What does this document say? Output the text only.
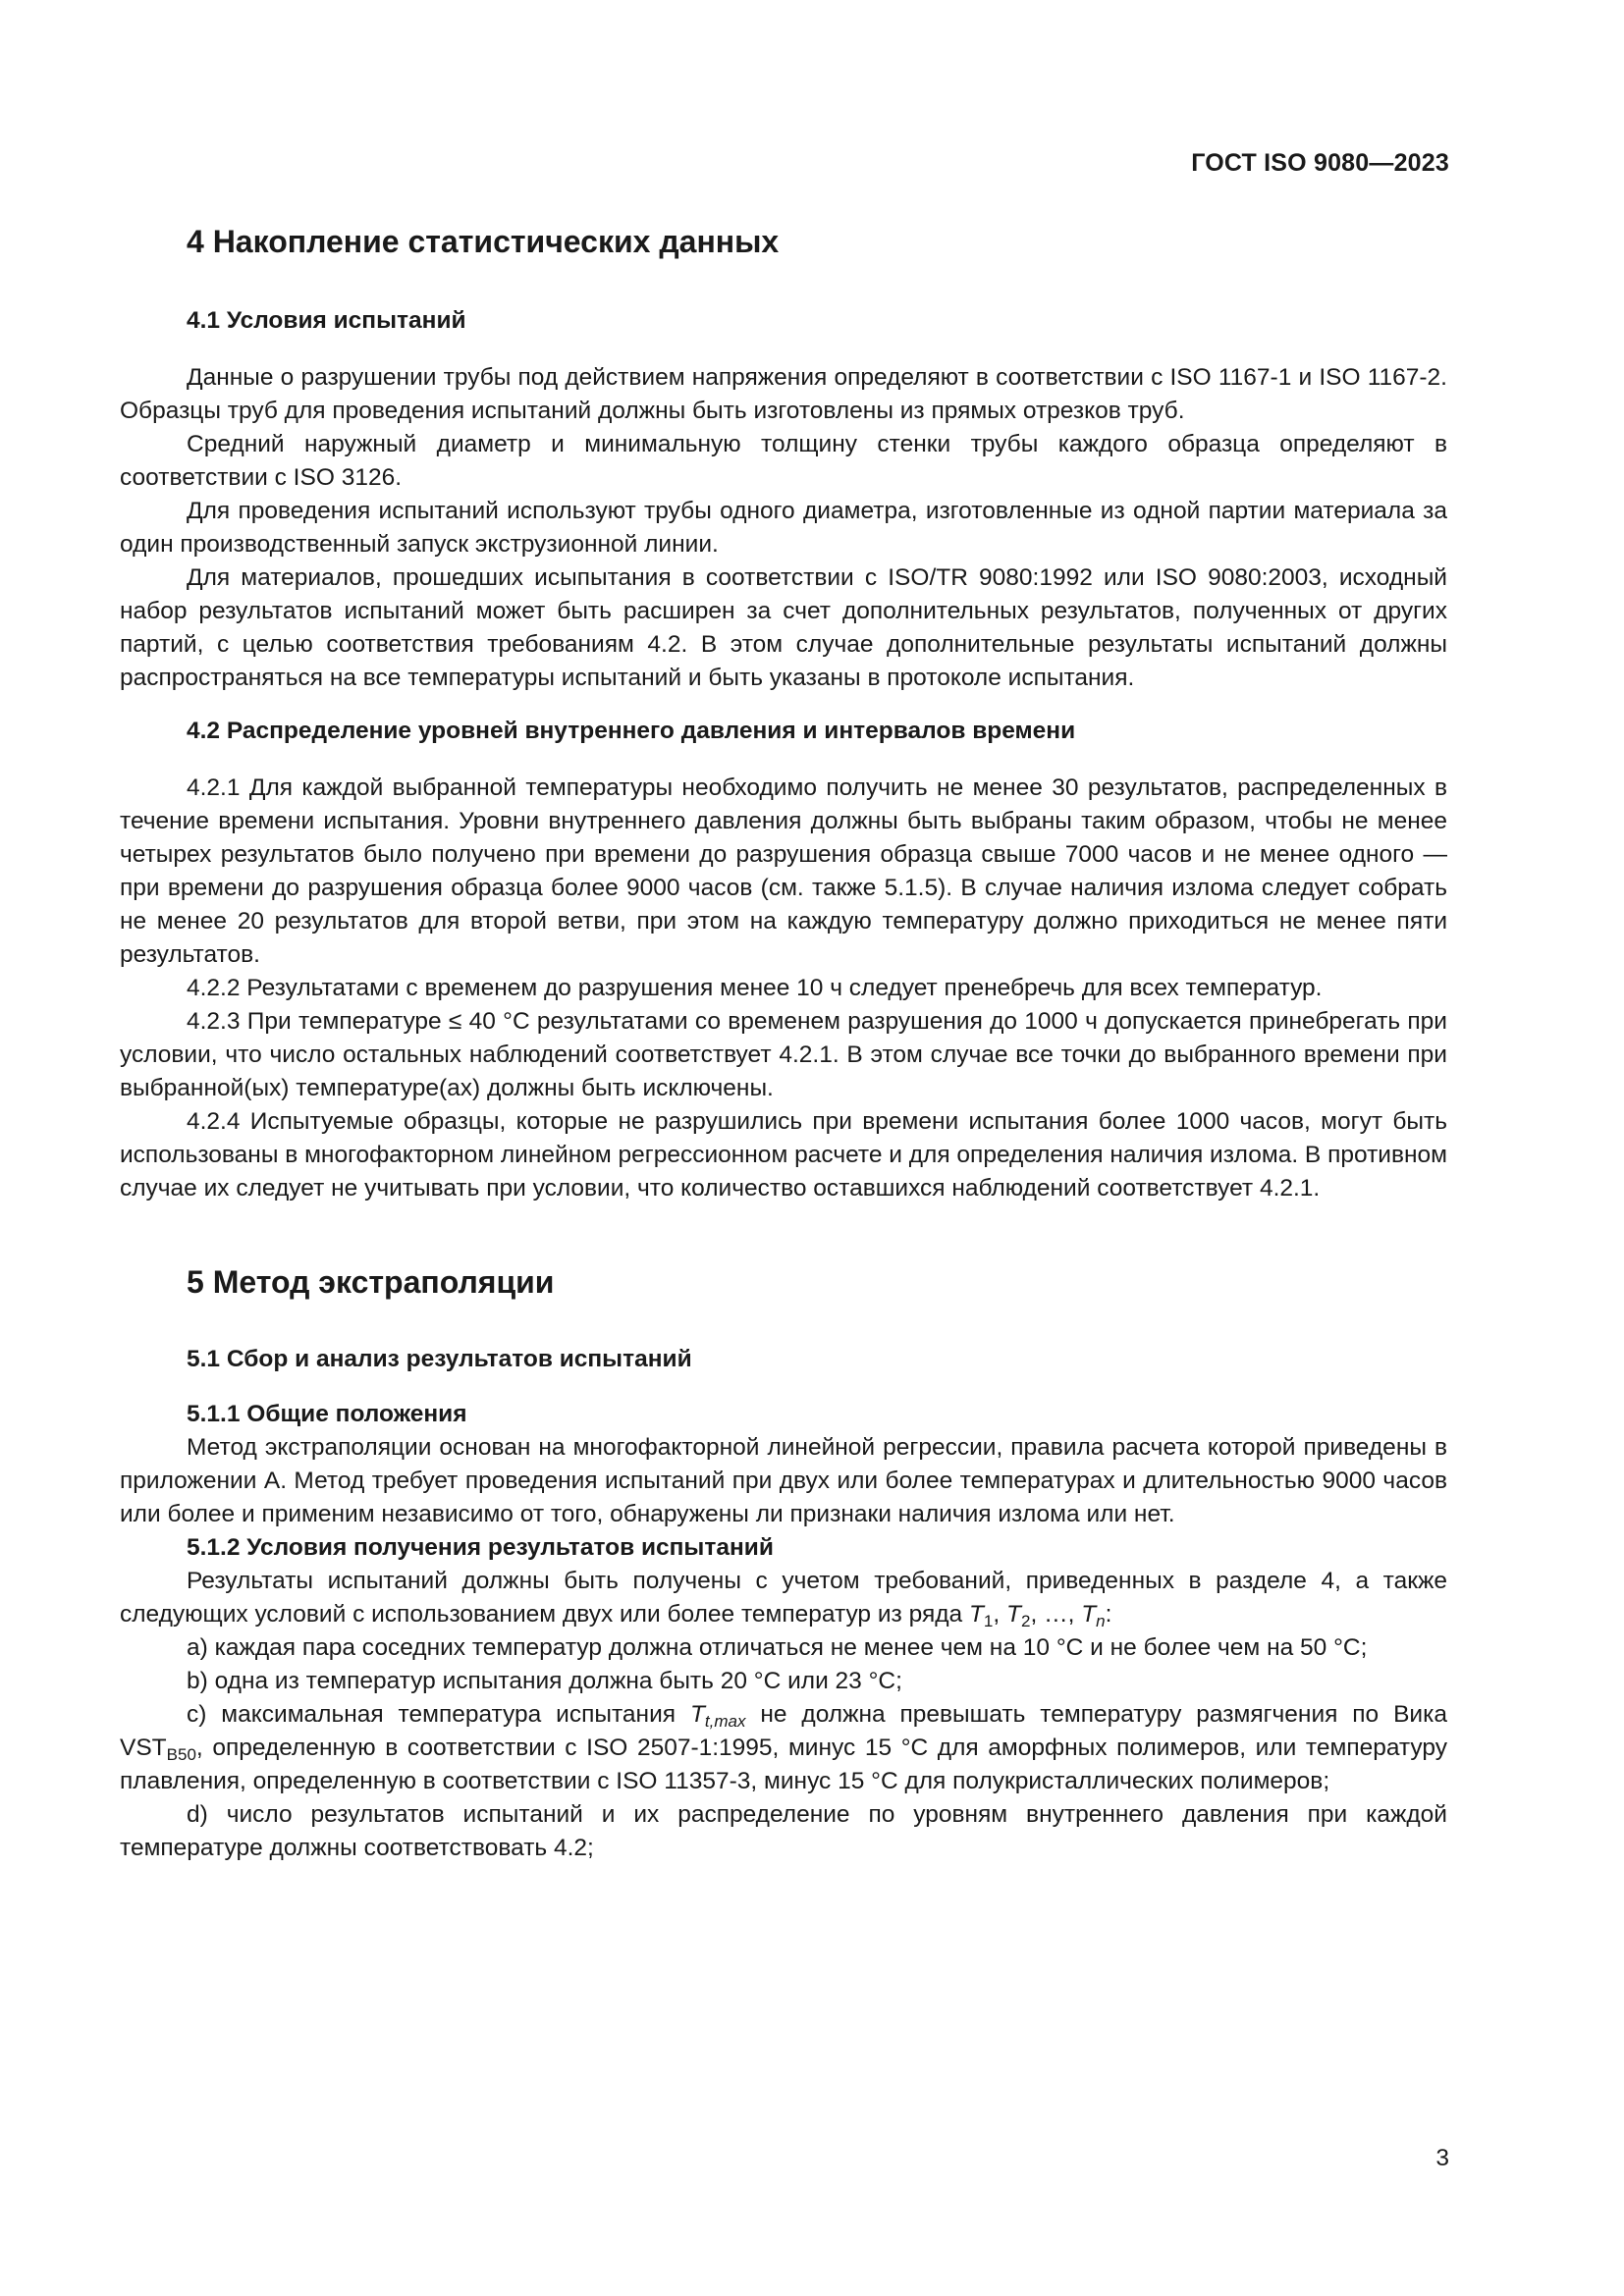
ГОСТ ISO 9080—2023
4 Накопление статистических данных
4.1 Условия испытаний

Данные о разрушении трубы под действием напряжения определяют в соответствии с ISO 1167-1 и ISO 1167-2. Образцы труб для проведения испытаний должны быть изготовлены из прямых отрезков труб.

Средний наружный диаметр и минимальную толщину стенки трубы каждого образца определяют в соответствии с ISO 3126.

Для проведения испытаний используют трубы одного диаметра, изготовленные из одной партии материала за один производственный запуск экструзионной линии.

Для материалов, прошедших исыпытания в соответствии с ISO/TR 9080:1992 или ISO 9080:2003, исходный набор результатов испытаний может быть расширен за счет дополнительных результатов, полученных от других партий, с целью соответствия требованиям 4.2. В этом случае дополнительные результаты испытаний должны распространяться на все температуры испытаний и быть указаны в протоколе испытания.

4.2 Распределение уровней внутреннего давления и интервалов времени

4.2.1 Для каждой выбранной температуры необходимо получить не менее 30 результатов, распределенных в течение времени испытания. Уровни внутреннего давления должны быть выбраны таким образом, чтобы не менее четырех результатов было получено при времени до разрушения образца свыше 7000 часов и не менее одного — при времени до разрушения образца более 9000 часов (см. также 5.1.5). В случае наличия излома следует собрать не менее 20 результатов для второй ветви, при этом на каждую температуру должно приходиться не менее пяти результатов.

4.2.2 Результатами с временем до разрушения менее 10 ч следует пренебречь для всех температур.

4.2.3 При температуре ≤ 40 °C результатами со временем разрушения до 1000 ч допускается принебрегать при условии, что число остальных наблюдений соответствует 4.2.1. В этом случае все точки до выбранного времени при выбранной(ых) температуре(ах) должны быть исключены.

4.2.4 Испытуемые образцы, которые не разрушились при времени испытания более 1000 часов, могут быть использованы в многофакторном линейном регрессионном расчете и для определения наличия излома. В противном случае их следует не учитывать при условии, что количество оставшихся наблюдений соответствует 4.2.1.

5 Метод экстраполяции
5.1 Сбор и анализ результатов испытаний
5.1.1 Общие положения

Метод экстраполяции основан на многофакторной линейной регрессии, правила расчета которой приведены в приложении A. Метод требует проведения испытаний при двух или более температурах и длительностью 9000 часов или более и применим независимо от того, обнаружены ли признаки наличия излома или нет.

5.1.2 Условия получения результатов испытаний

Результаты испытаний должны быть получены с учетом требований, приведенных в разделе 4, а также следующих условий с использованием двух или более температур из ряда $T_1$, $T_2$, …, $T_n$:

a) каждая пара соседних температур должна отличаться не менее чем на 10 °C и не более чем на 50 °C;

b) одна из температур испытания должна быть 20 °C или 23 °C;

c) максимальная температура испытания $T_{t,max}$ не должна превышать температуру размягчения по Вика $VST_{B50}$, определенную в соответствии с ISO 2507-1:1995, минус 15 °C для аморфных полимеров, или температуру плавления, определенную в соответствии с ISO 11357-3, минус 15 °C для полукристаллических полимеров;

d) число результатов испытаний и их распределение по уровням внутреннего давления при каждой температуре должны соответствовать 4.2;

3
